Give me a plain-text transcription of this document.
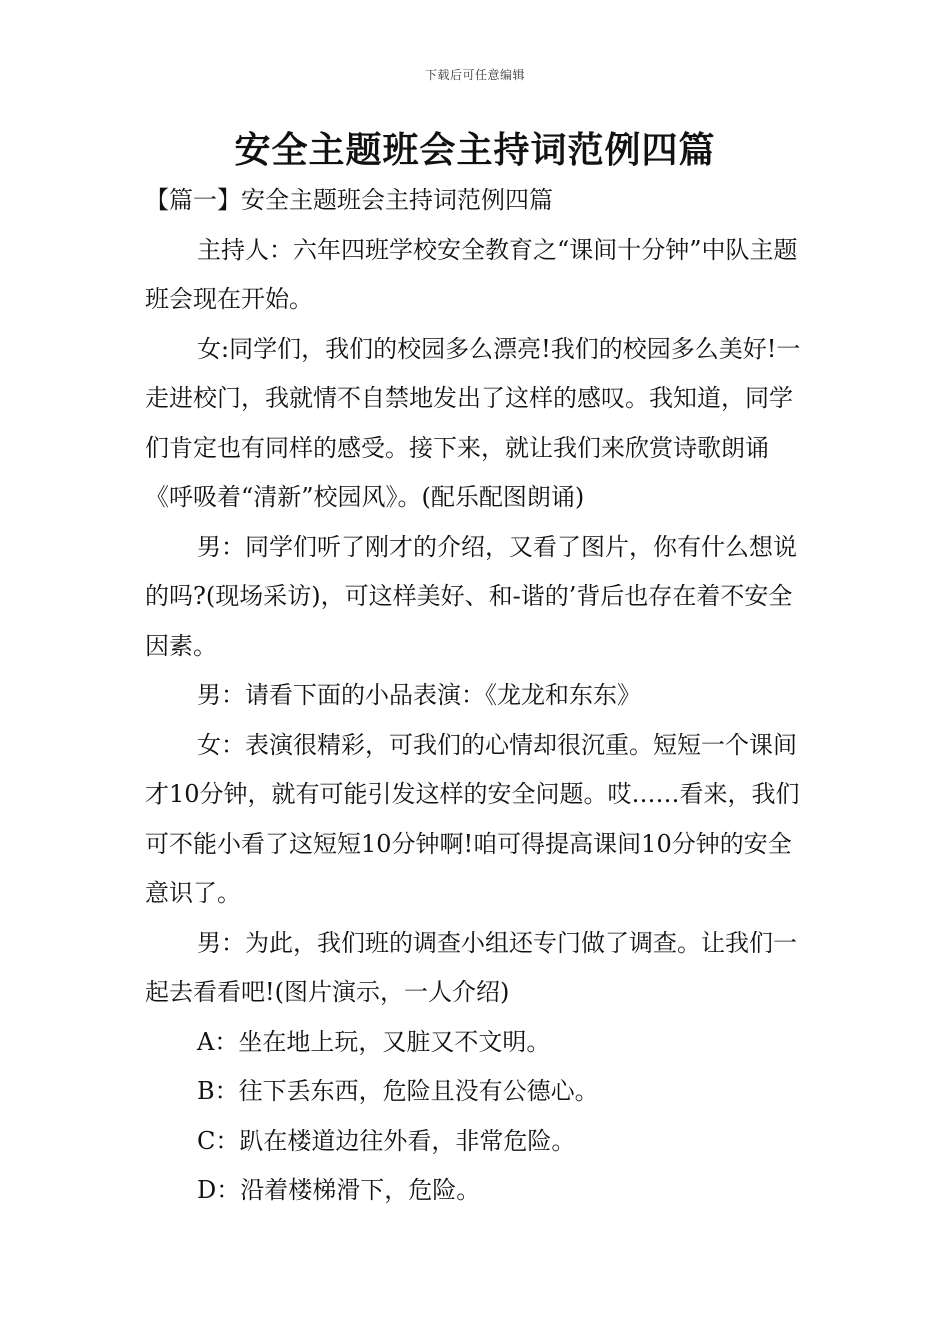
下载后可任意编辑
安全主题班会主持词范例四篇

【篇一】安全主题班会主持词范例四篇

主持人：六年四班学校安全教育之“课间十分钟”中队主题班会现在开始。

女:同学们，我们的校园多么漂亮!我们的校园多么美好!一走进校门，我就情不自禁地发出了这样的感叹。我知道，同学们肯定也有同样的感受。接下来，就让我们来欣赏诗歌朗诵《呼吸着“清新”校园风》。(配乐配图朗诵)

男：同学们听了刚才的介绍，又看了图片，你有什么想说的吗?(现场采访)，可这样美好、和-谐的’背后也存在着不安全因素。

男：请看下面的小品表演：《龙龙和东东》

女：表演很精彩，可我们的心情却很沉重。短短一个课间才10分钟，就有可能引发这样的安全问题。哎……看来，我们可不能小看了这短短10分钟啊!咱可得提高课间10分钟的安全意识了。

男：为此，我们班的调查小组还专门做了调查。让我们一起去看看吧!(图片演示，一人介绍)

A：坐在地上玩，又脏又不文明。

B：往下丢东西，危险且没有公德心。

C：趴在楼道边往外看，非常危险。

D：沿着楼梯滑下，危险。
